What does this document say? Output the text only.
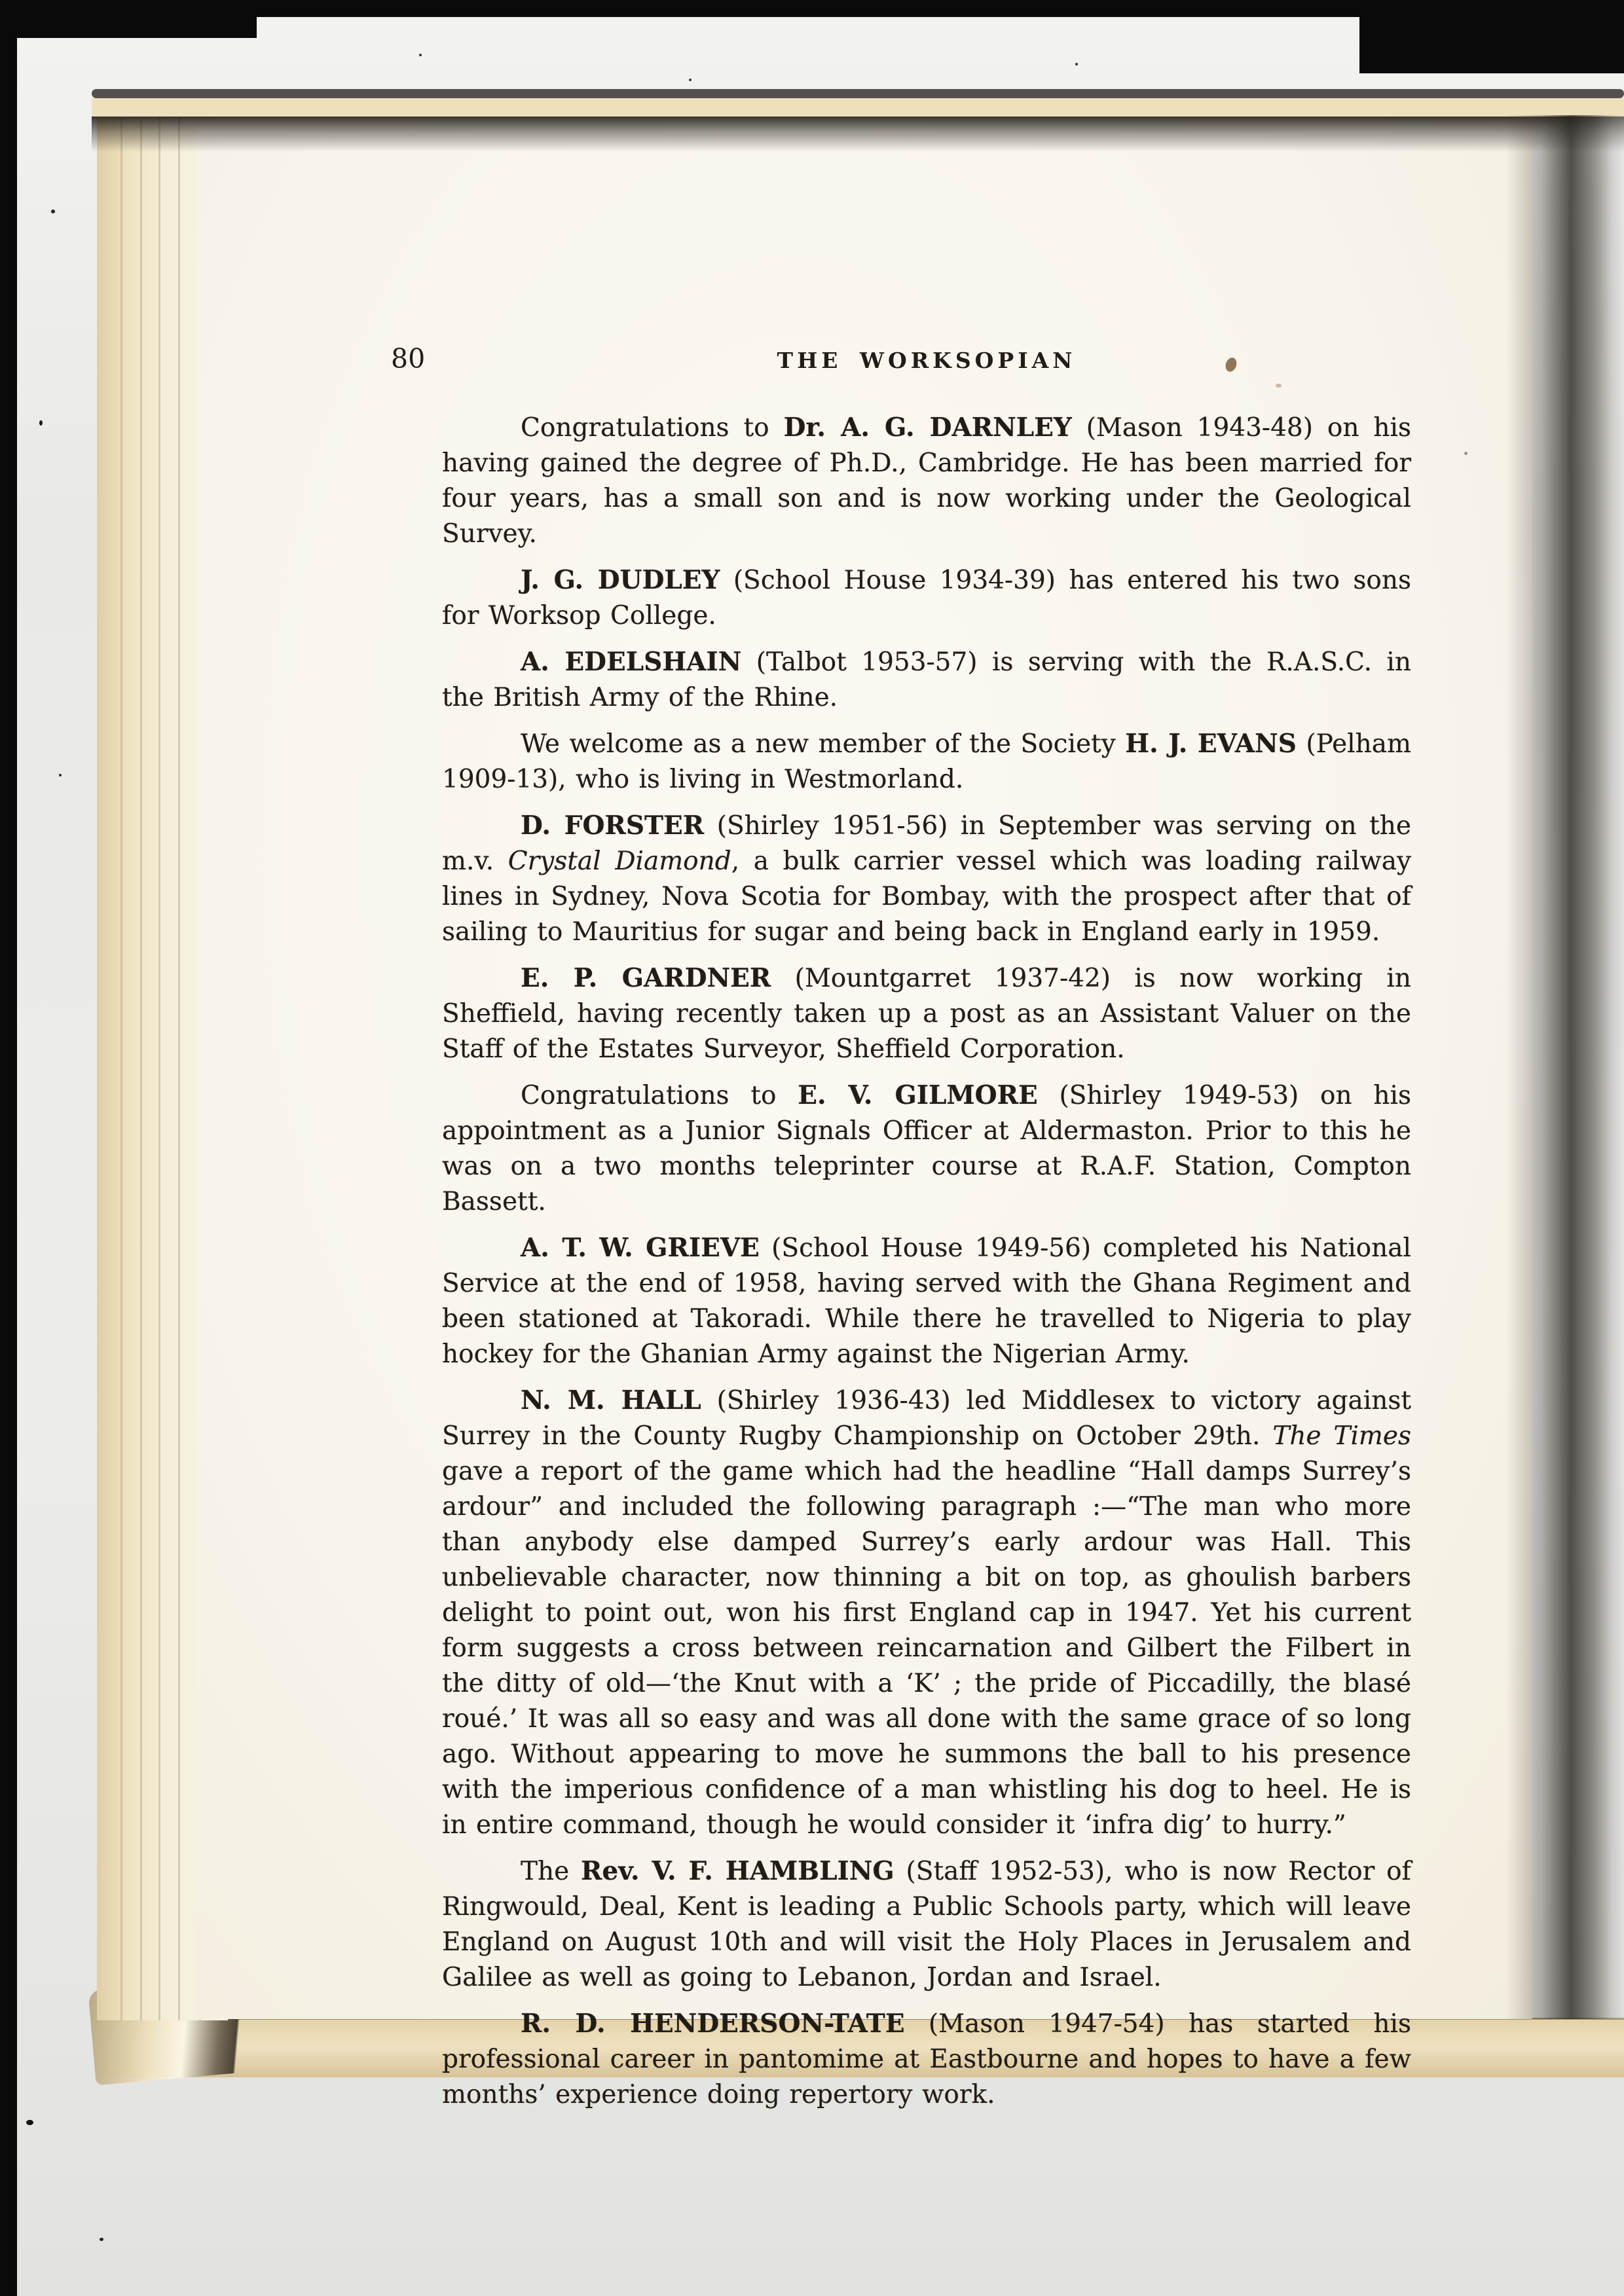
80	THE WORKSOPIAN

Congratulations to Dr. A. G. DARNLEY (Mason 1943-48) on his having gained the degree of Ph.D., Cambridge. He has been married for four years, has a small son and is now working under the Geological Survey.

J. G. DUDLEY (School House 1934-39) has entered his two sons for Worksop College.

A. EDELSHAIN (Talbot 1953-57) is serving with the R.A.S.C. in the British Army of the Rhine.

We welcome as a new member of the Society H. J. EVANS (Pelham 1909-13), who is living in Westmorland.

D. FORSTER (Shirley 1951-56) in September was serving on the m.v. Crystal Diamond, a bulk carrier vessel which was loading railway lines in Sydney, Nova Scotia for Bombay, with the prospect after that of sailing to Mauritius for sugar and being back in England early in 1959.

E. P. GARDNER (Mountgarret 1937-42) is now working in Sheffield, having recently taken up a post as an Assistant Valuer on the Staff of the Estates Surveyor, Sheffield Corporation.

Congratulations to E. V. GILMORE (Shirley 1949-53) on his appointment as a Junior Signals Officer at Aldermaston. Prior to this he was on a two months teleprinter course at R.A.F. Station, Compton Bassett.

A. T. W. GRIEVE (School House 1949-56) completed his National Service at the end of 1958, having served with the Ghana Regiment and been stationed at Takoradi. While there he travelled to Nigeria to play hockey for the Ghanian Army against the Nigerian Army.

N. M. HALL (Shirley 1936-43) led Middlesex to victory against Surrey in the County Rugby Championship on October 29th. The Times gave a report of the game which had the headline “Hall damps Surrey’s ardour” and included the following paragraph :—“The man who more than anybody else damped Surrey’s early ardour was Hall. This unbelievable character, now thinning a bit on top, as ghoulish barbers delight to point out, won his first England cap in 1947. Yet his current form suggests a cross between reincarnation and Gilbert the Filbert in the ditty of old—‘the Knut with a ‘K’ ; the pride of Piccadilly, the blasé roué.’ It was all so easy and was all done with the same grace of so long ago. Without appearing to move he summons the ball to his presence with the imperious confidence of a man whistling his dog to heel. He is in entire command, though he would consider it ‘infra dig’ to hurry.”

The Rev. V. F. HAMBLING (Staff 1952-53), who is now Rector of Ringwould, Deal, Kent is leading a Public Schools party, which will leave England on August 10th and will visit the Holy Places in Jerusalem and Galilee as well as going to Lebanon, Jordan and Israel.

R. D. HENDERSON-TATE (Mason 1947-54) has started his professional career in pantomime at Eastbourne and hopes to have a few months’ experience doing repertory work.
